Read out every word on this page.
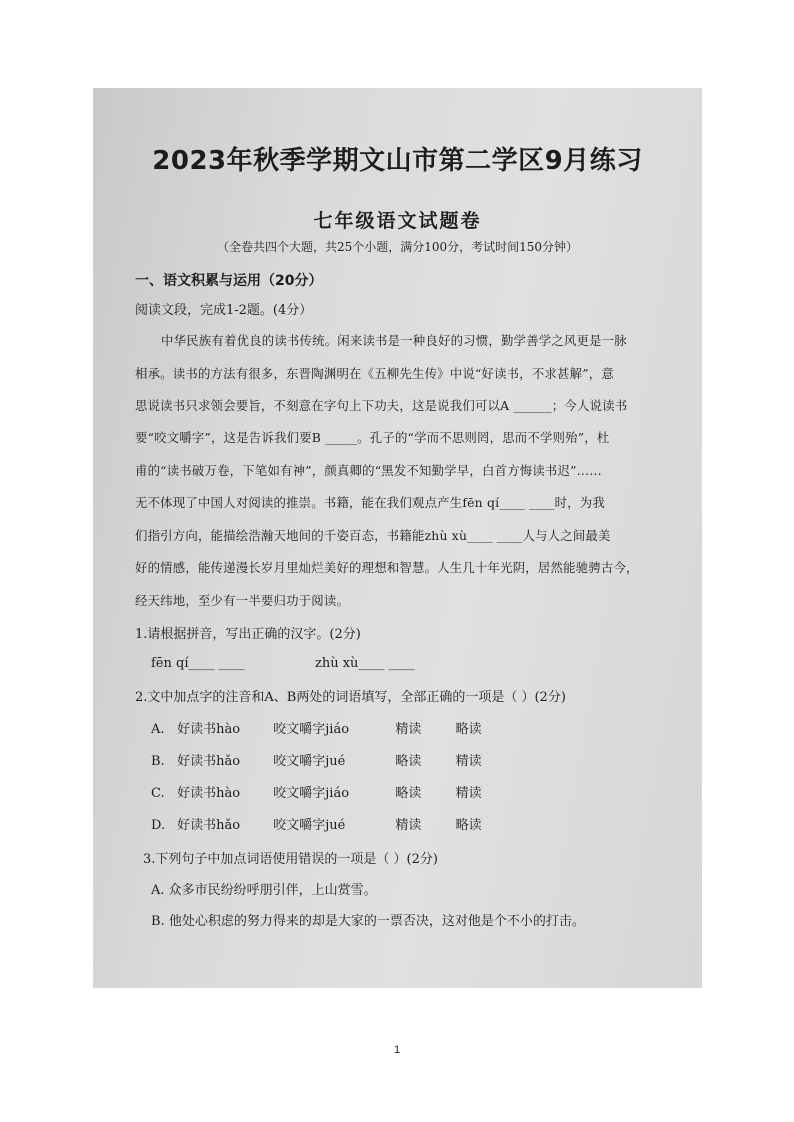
2023年秋季学期文山市第二学区9月练习
七年级语文试题卷
（全卷共四个大题，共25个小题，满分100分，考试时间150分钟）
一、语文积累与运用（20分）
阅读文段，完成1-2题。(4分）
中华民族有着优良的读书传统。闲来读书是一种良好的习惯，勤学善学之风更是一脉
相承。读书的方法有很多，东晋陶渊明在《五柳先生传》中说“好读书，不求甚解”，意
思说读书只求领会要旨，不刻意在字句上下功夫，这是说我们可以A ______；今人说读书
要“咬文嚼字”，这是告诉我们要B _____。孔子的“学而不思则罔，思而不学则殆”，杜
甫的“读书破万卷，下笔如有神”，颜真卿的“黑发不知勤学早，白首方悔读书迟”……
无不体现了中国人对阅读的推崇。书籍，能在我们观点产生fēn qí____ ____时，为我
们指引方向，能描绘浩瀚天地间的千姿百态，书籍能zhù xù____ ____人与人之间最美
好的情感，能传递漫长岁月里灿烂美好的理想和智慧。人生几十年光阴，居然能驰骋古今，
经天纬地，至少有一半要归功于阅读。
1.请根据拼音，写出正确的汉字。(2分)
fēn qí____ ____	zhù xù____ ____
2.文中加点字的注音和A、B两处的词语填写，全部正确的一项是（ ）(2分)
A. 好读书hào	咬文嚼字jiáo	精读	略读
B. 好读书hǎo	咬文嚼字jué	略读	精读
C. 好读书hào	咬文嚼字jiáo	略读	精读
D. 好读书hǎo	咬文嚼字jué	精读	略读
3.下列句子中加点词语使用错误的一项是（ ）(2分)
A. 众多市民纷纷呼朋引伴，上山赏雪。
B. 他处心积虑的努力得来的却是大家的一票否决，这对他是个不小的打击。
1
